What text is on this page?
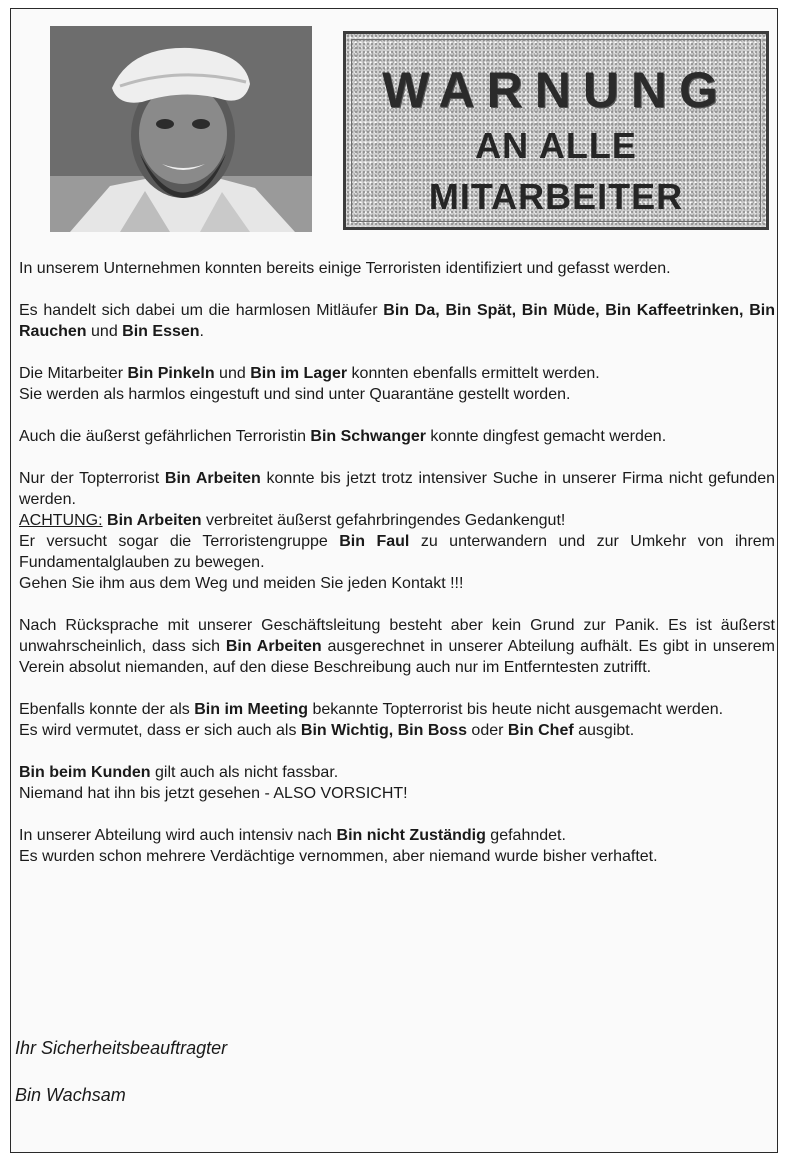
WARNUNG
AN ALLE
MITARBEITER

In unserem Unternehmen konnten bereits einige Terroristen identifiziert und gefasst werden.

Es handelt sich dabei um die harmlosen Mitläufer Bin Da, Bin Spät, Bin Müde, Bin Kaffeetrinken, Bin Rauchen und Bin Essen.

Die Mitarbeiter Bin Pinkeln und Bin im Lager konnten ebenfalls ermittelt werden.
Sie werden als harmlos eingestuft und sind unter Quarantäne gestellt worden.

Auch die äußerst gefährlichen Terroristin Bin Schwanger konnte dingfest gemacht werden.

Nur der Topterrorist Bin Arbeiten konnte bis jetzt trotz intensiver Suche in unserer Firma nicht gefunden werden.

ACHTUNG: Bin Arbeiten verbreitet äußerst gefahrbringendes Gedankengut!

Er versucht sogar die Terroristengruppe Bin Faul zu unterwandern und zur Umkehr von ihrem Fundamentalglauben zu bewegen.

Gehen Sie ihm aus dem Weg und meiden Sie jeden Kontakt !!!

Nach Rücksprache mit unserer Geschäftsleitung besteht aber kein Grund zur Panik. Es ist äußerst unwahrscheinlich, dass sich Bin Arbeiten ausgerechnet in unserer Abteilung aufhält. Es gibt in unserem Verein absolut niemanden, auf den diese Beschreibung auch nur im Entferntesten zutrifft.

Ebenfalls konnte der als Bin im Meeting bekannte Topterrorist bis heute nicht ausgemacht werden.

Es wird vermutet, dass er sich auch als Bin Wichtig, Bin Boss oder Bin Chef ausgibt.

Bin beim Kunden gilt auch als nicht fassbar.
Niemand hat ihn bis jetzt gesehen - ALSO VORSICHT!

In unserer Abteilung wird auch intensiv nach Bin nicht Zuständig gefahndet.

Es wurden schon mehrere Verdächtige vernommen, aber niemand wurde bisher verhaftet.

Ihr Sicherheitsbeauftragter
Bin Wachsam
